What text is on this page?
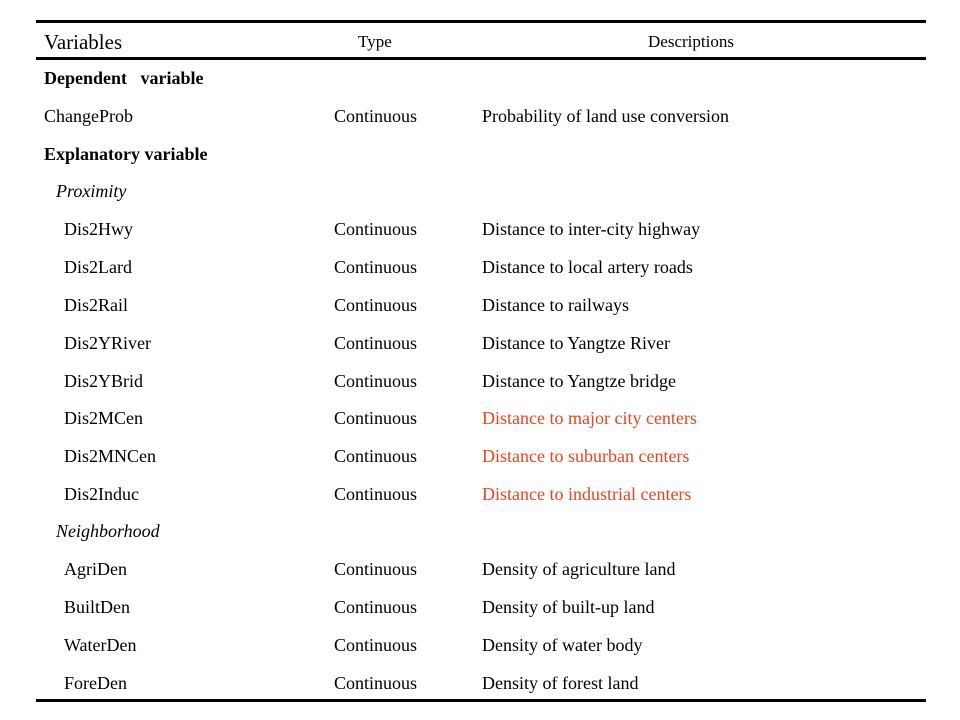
Variables	Type	Descriptions
Dependent   variable
ChangeProb	Continuous	Probability of land use conversion
Explanatory variable
Proximity
Dis2Hwy	Continuous	Distance to inter-city highway
Dis2Lard	Continuous	Distance to local artery roads
Dis2Rail	Continuous	Distance to railways
Dis2YRiver	Continuous	Distance to Yangtze River
Dis2YBrid	Continuous	Distance to Yangtze bridge
Dis2MCen	Continuous	Distance to major city centers
Dis2MNCen	Continuous	Distance to suburban centers
Dis2Induc	Continuous	Distance to industrial centers
Neighborhood
AgriDen	Continuous	Density of agriculture land
BuiltDen	Continuous	Density of built-up land
WaterDen	Continuous	Density of water body
ForeDen	Continuous	Density of forest land
